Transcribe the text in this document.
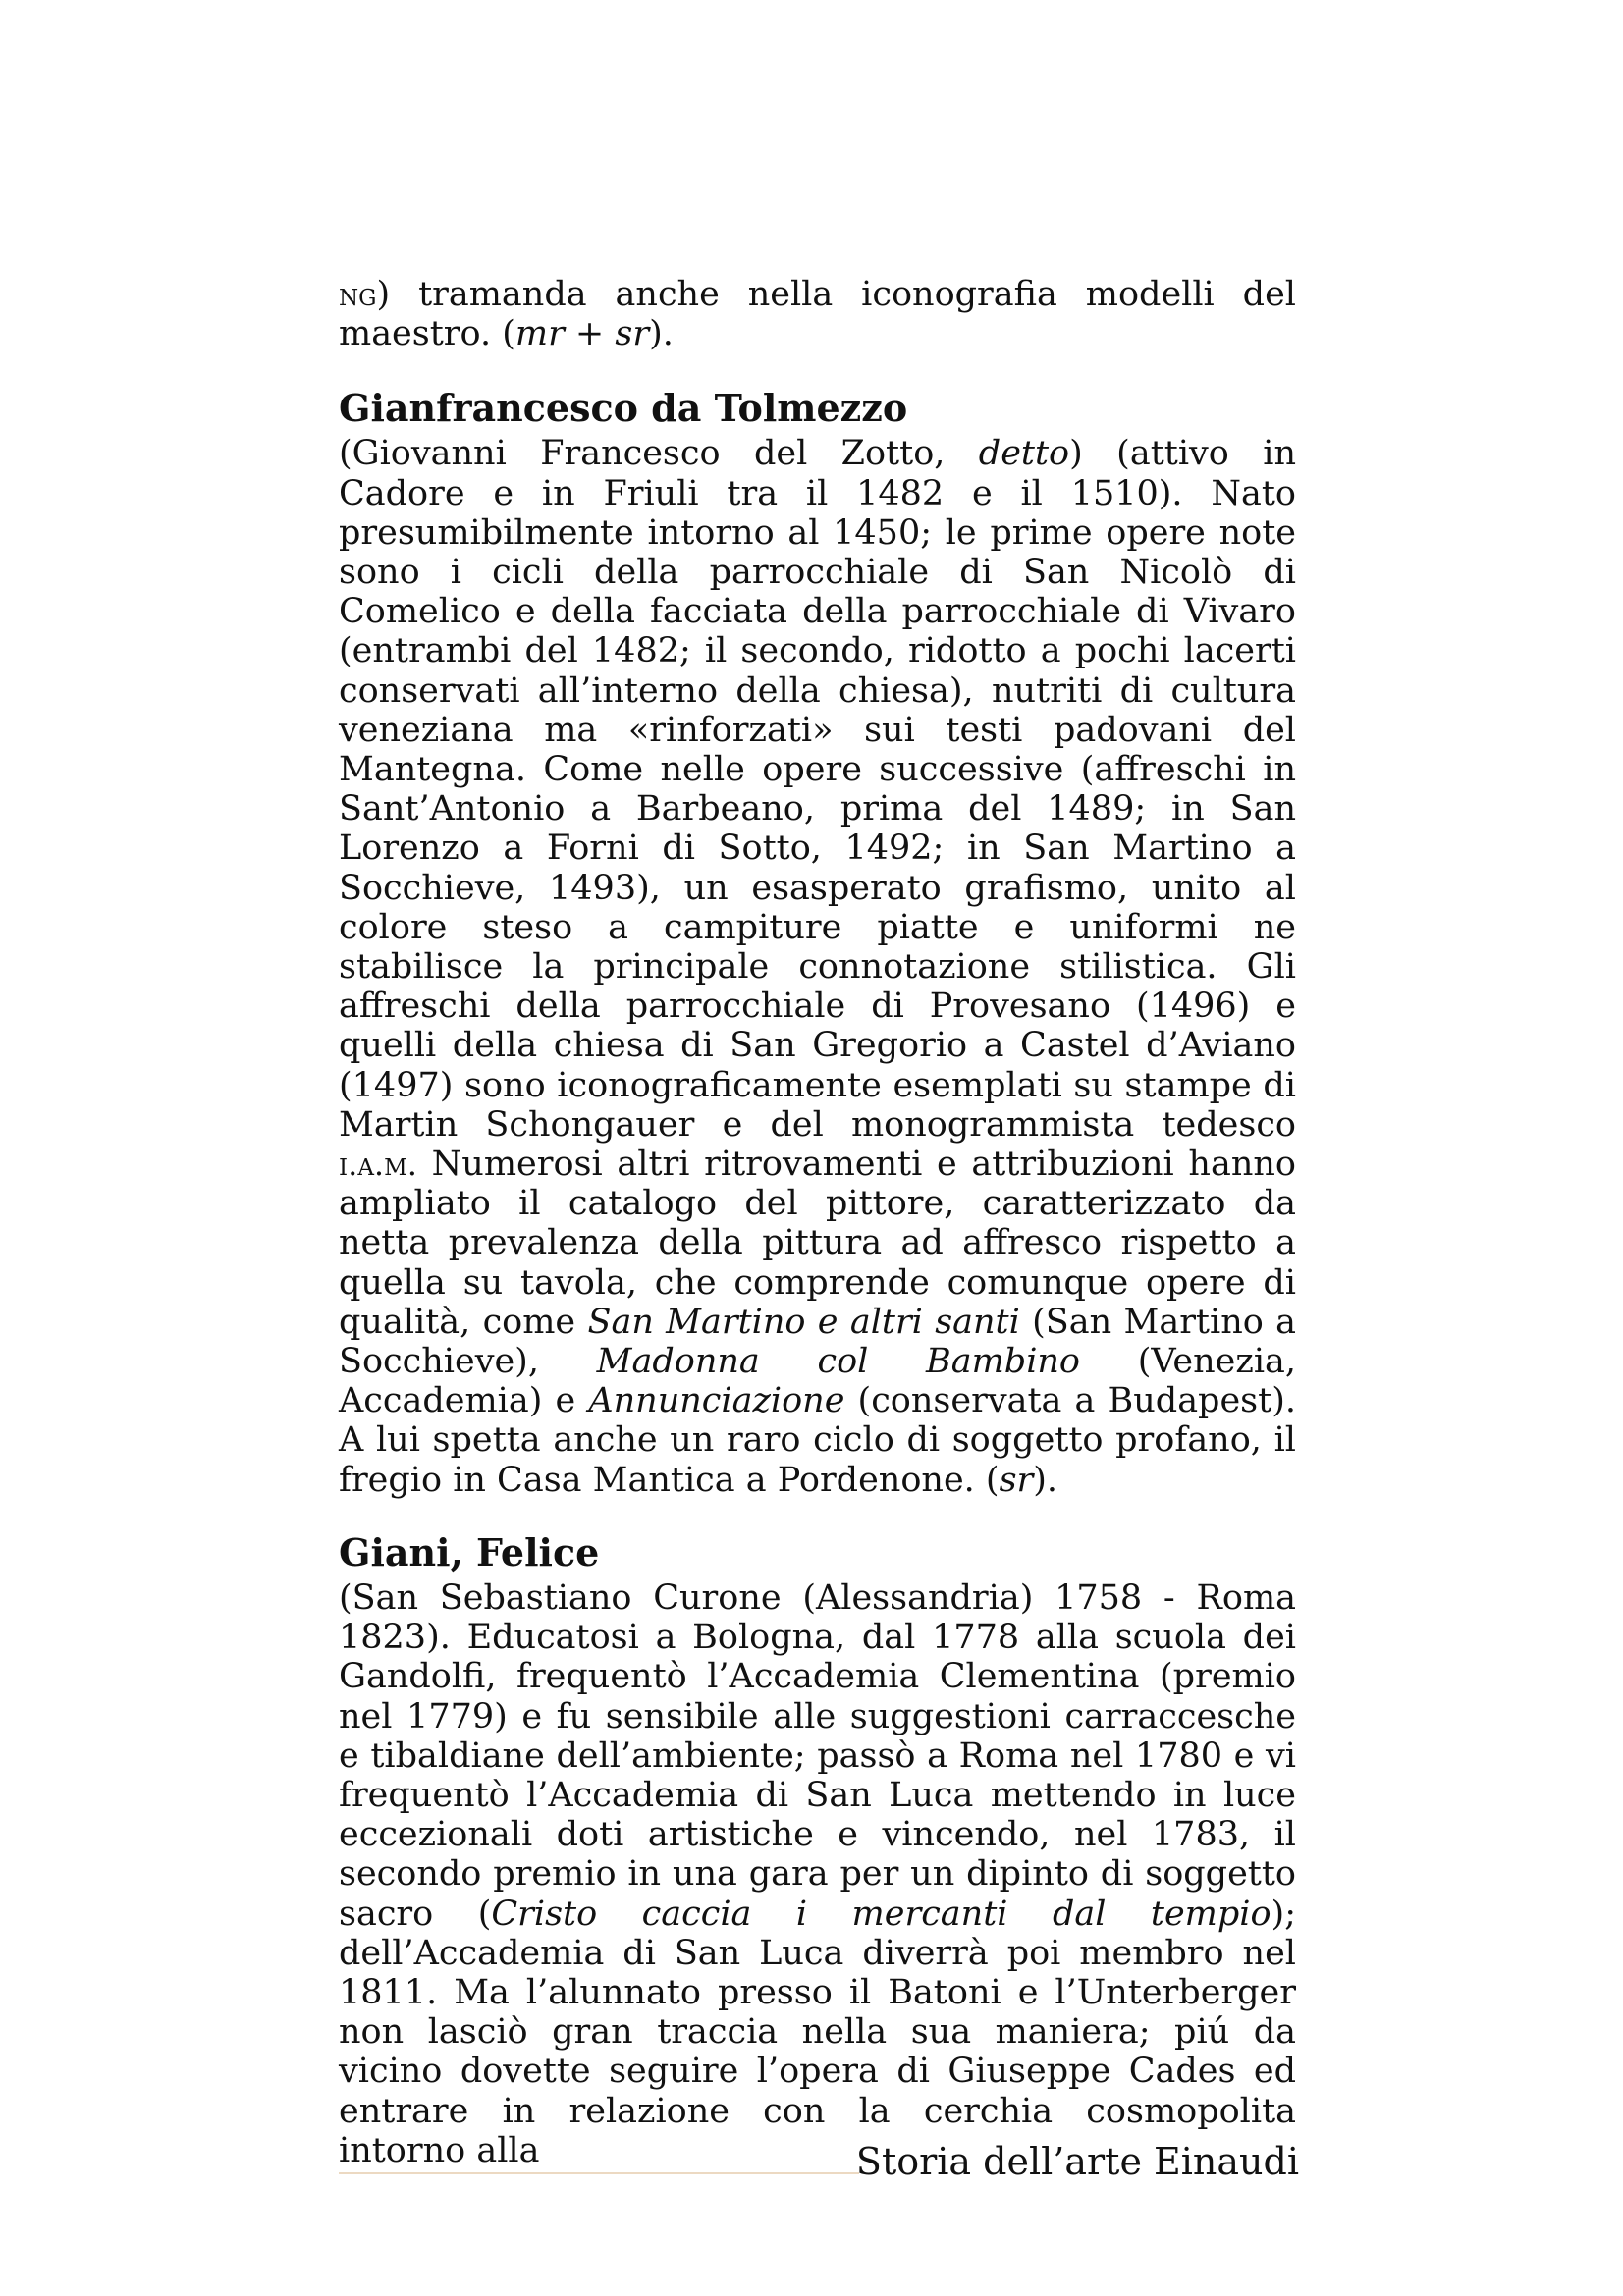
ng) tramanda anche nella iconografia modelli del maestro. (mr + sr).

Gianfrancesco da Tolmezzo

(Giovanni Francesco del Zotto, detto) (attivo in Cadore e in Friuli tra il 1482 e il 1510). Nato presumibilmente intorno al 1450; le prime opere note sono i cicli della parrocchiale di San Nicolò di Comelico e della facciata della parrocchiale di Vivaro (entrambi del 1482; il secondo, ridotto a pochi lacerti conservati all’interno della chiesa), nutriti di cultura veneziana ma «rinforzati» sui testi padovani del Mantegna. Come nelle opere successive (affreschi in Sant’Antonio a Barbeano, prima del 1489; in San Lorenzo a Forni di Sotto, 1492; in San Martino a Socchieve, 1493), un esasperato grafismo, unito al colore steso a campiture piatte e uniformi ne stabilisce la principale connotazione stilistica. Gli affreschi della parrocchiale di Provesano (1496) e quelli della chiesa di San Gregorio a Castel d’Aviano (1497) sono iconograficamente esemplati su stampe di Martin Schongauer e del monogrammista tedesco i.a.m. Numerosi altri ritrovamenti e attribuzioni hanno ampliato il catalogo del pittore, caratterizzato da netta prevalenza della pittura ad affresco rispetto a quella su tavola, che comprende comunque opere di qualità, come San Martino e altri santi (San Martino a Socchieve), Madonna col Bambino (Venezia, Accademia) e Annunciazione (conservata a Budapest). A lui spetta anche un raro ciclo di soggetto profano, il fregio in Casa Mantica a Pordenone. (sr).

Giani, Felice

(San Sebastiano Curone (Alessandria) 1758 - Roma 1823). Educatosi a Bologna, dal 1778 alla scuola dei Gandolfi, frequentò l’Accademia Clementina (premio nel 1779) e fu sensibile alle suggestioni carraccesche e tibaldiane dell’ambiente; passò a Roma nel 1780 e vi frequentò l’Accademia di San Luca mettendo in luce eccezionali doti artistiche e vincendo, nel 1783, il secondo premio in una gara per un dipinto di soggetto sacro (Cristo caccia i mercanti dal tempio); dell’Accademia di San Luca diverrà poi membro nel 1811. Ma l’alunnato presso il Batoni e l’Unterberger non lasciò gran traccia nella sua maniera; piú da vicino dovette seguire l’opera di Giuseppe Cades ed entrare in relazione con la cerchia cosmopolita intorno alla	Storia dell’arte Einaudi
